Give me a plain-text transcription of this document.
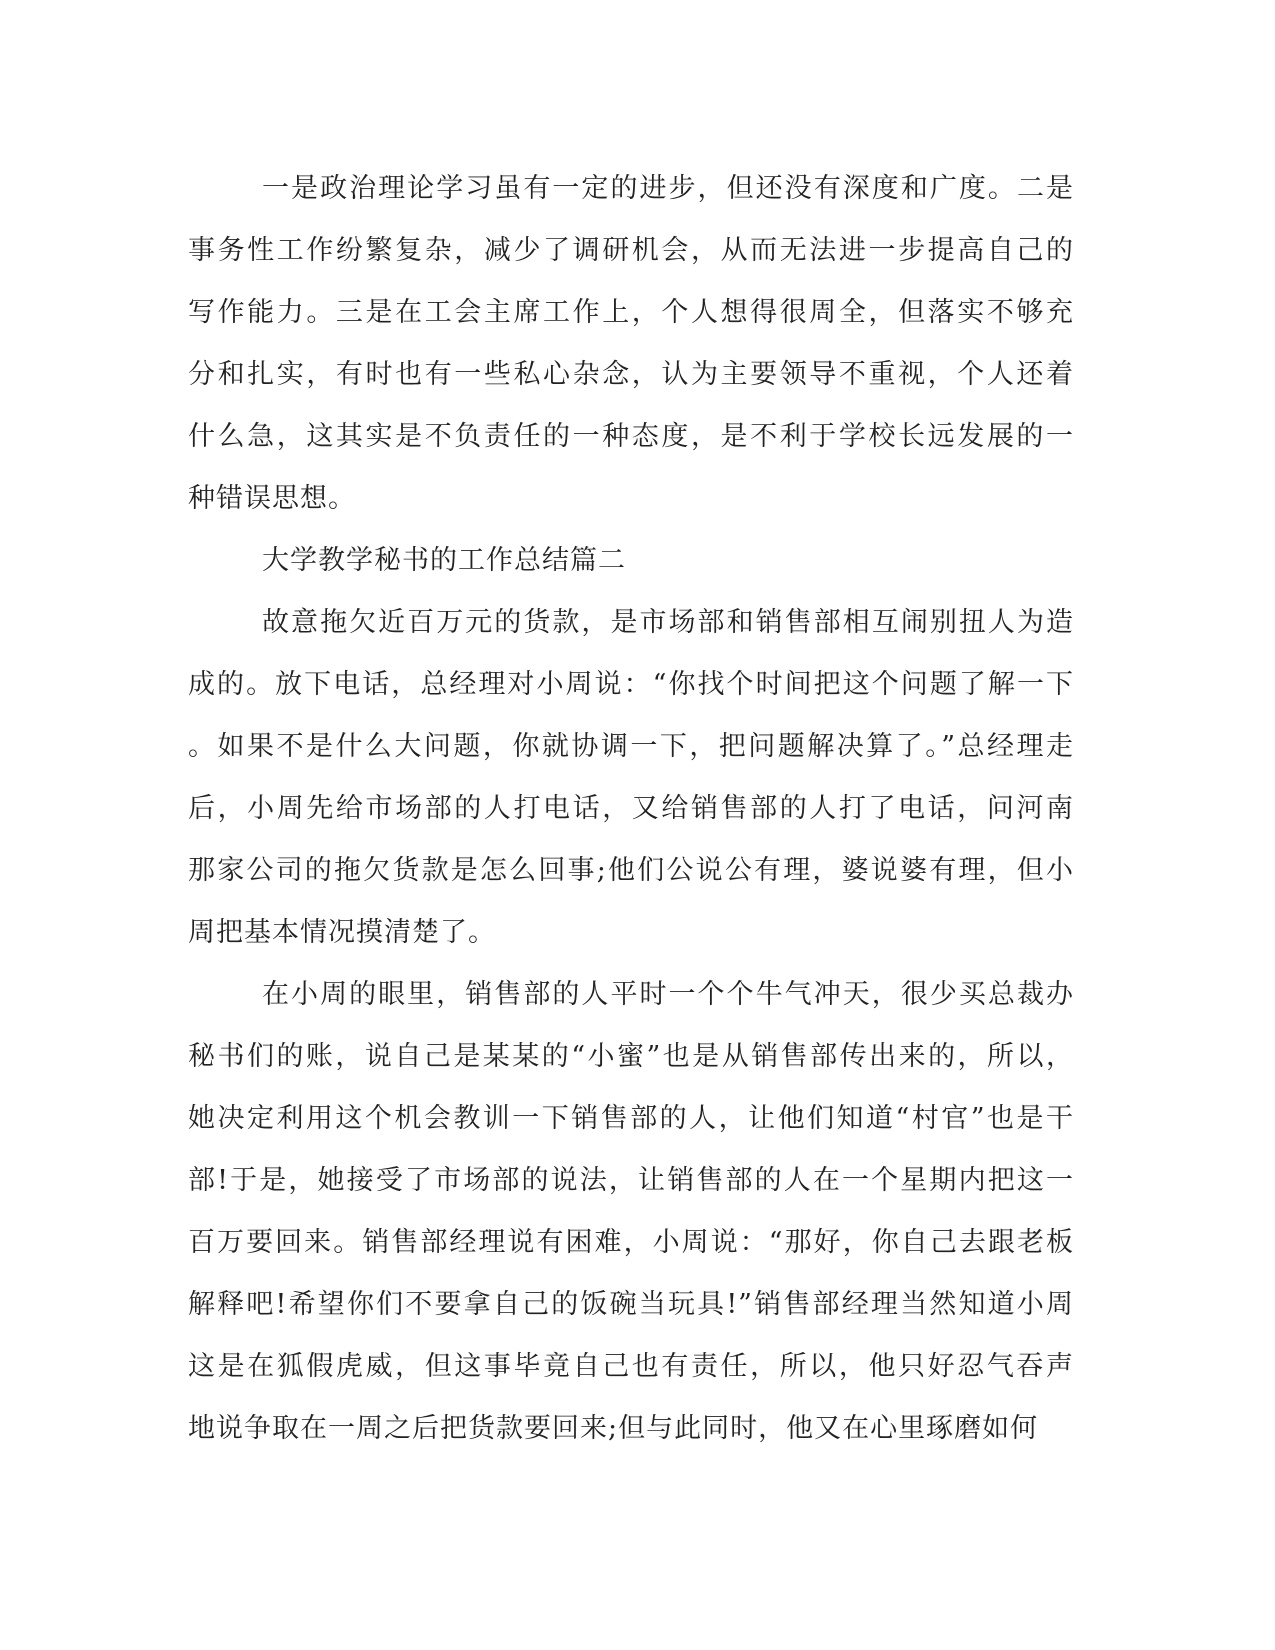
一是政治理论学习虽有一定的进步，但还没有深度和广度。二是
事务性工作纷繁复杂，减少了调研机会，从而无法进一步提高自己的
写作能力。三是在工会主席工作上，个人想得很周全，但落实不够充
分和扎实，有时也有一些私心杂念，认为主要领导不重视，个人还着
什么急，这其实是不负责任的一种态度，是不利于学校长远发展的一
种错误思想。
大学教学秘书的工作总结篇二
故意拖欠近百万元的货款，是市场部和销售部相互闹别扭人为造
成的。放下电话，总经理对小周说：“你找个时间把这个问题了解一下
。如果不是什么大问题，你就协调一下，把问题解决算了。”总经理走
后，小周先给市场部的人打电话，又给销售部的人打了电话，问河南
那家公司的拖欠货款是怎么回事;他们公说公有理，婆说婆有理，但小
周把基本情况摸清楚了。
在小周的眼里，销售部的人平时一个个牛气冲天，很少买总裁办
秘书们的账，说自己是某某的“小蜜”也是从销售部传出来的，所以，
她决定利用这个机会教训一下销售部的人，让他们知道“村官”也是干
部!于是，她接受了市场部的说法，让销售部的人在一个星期内把这一
百万要回来。销售部经理说有困难，小周说：“那好，你自己去跟老板
解释吧!希望你们不要拿自己的饭碗当玩具!”销售部经理当然知道小周
这是在狐假虎威，但这事毕竟自己也有责任，所以，他只好忍气吞声
地说争取在一周之后把货款要回来;但与此同时，他又在心里琢磨如何
